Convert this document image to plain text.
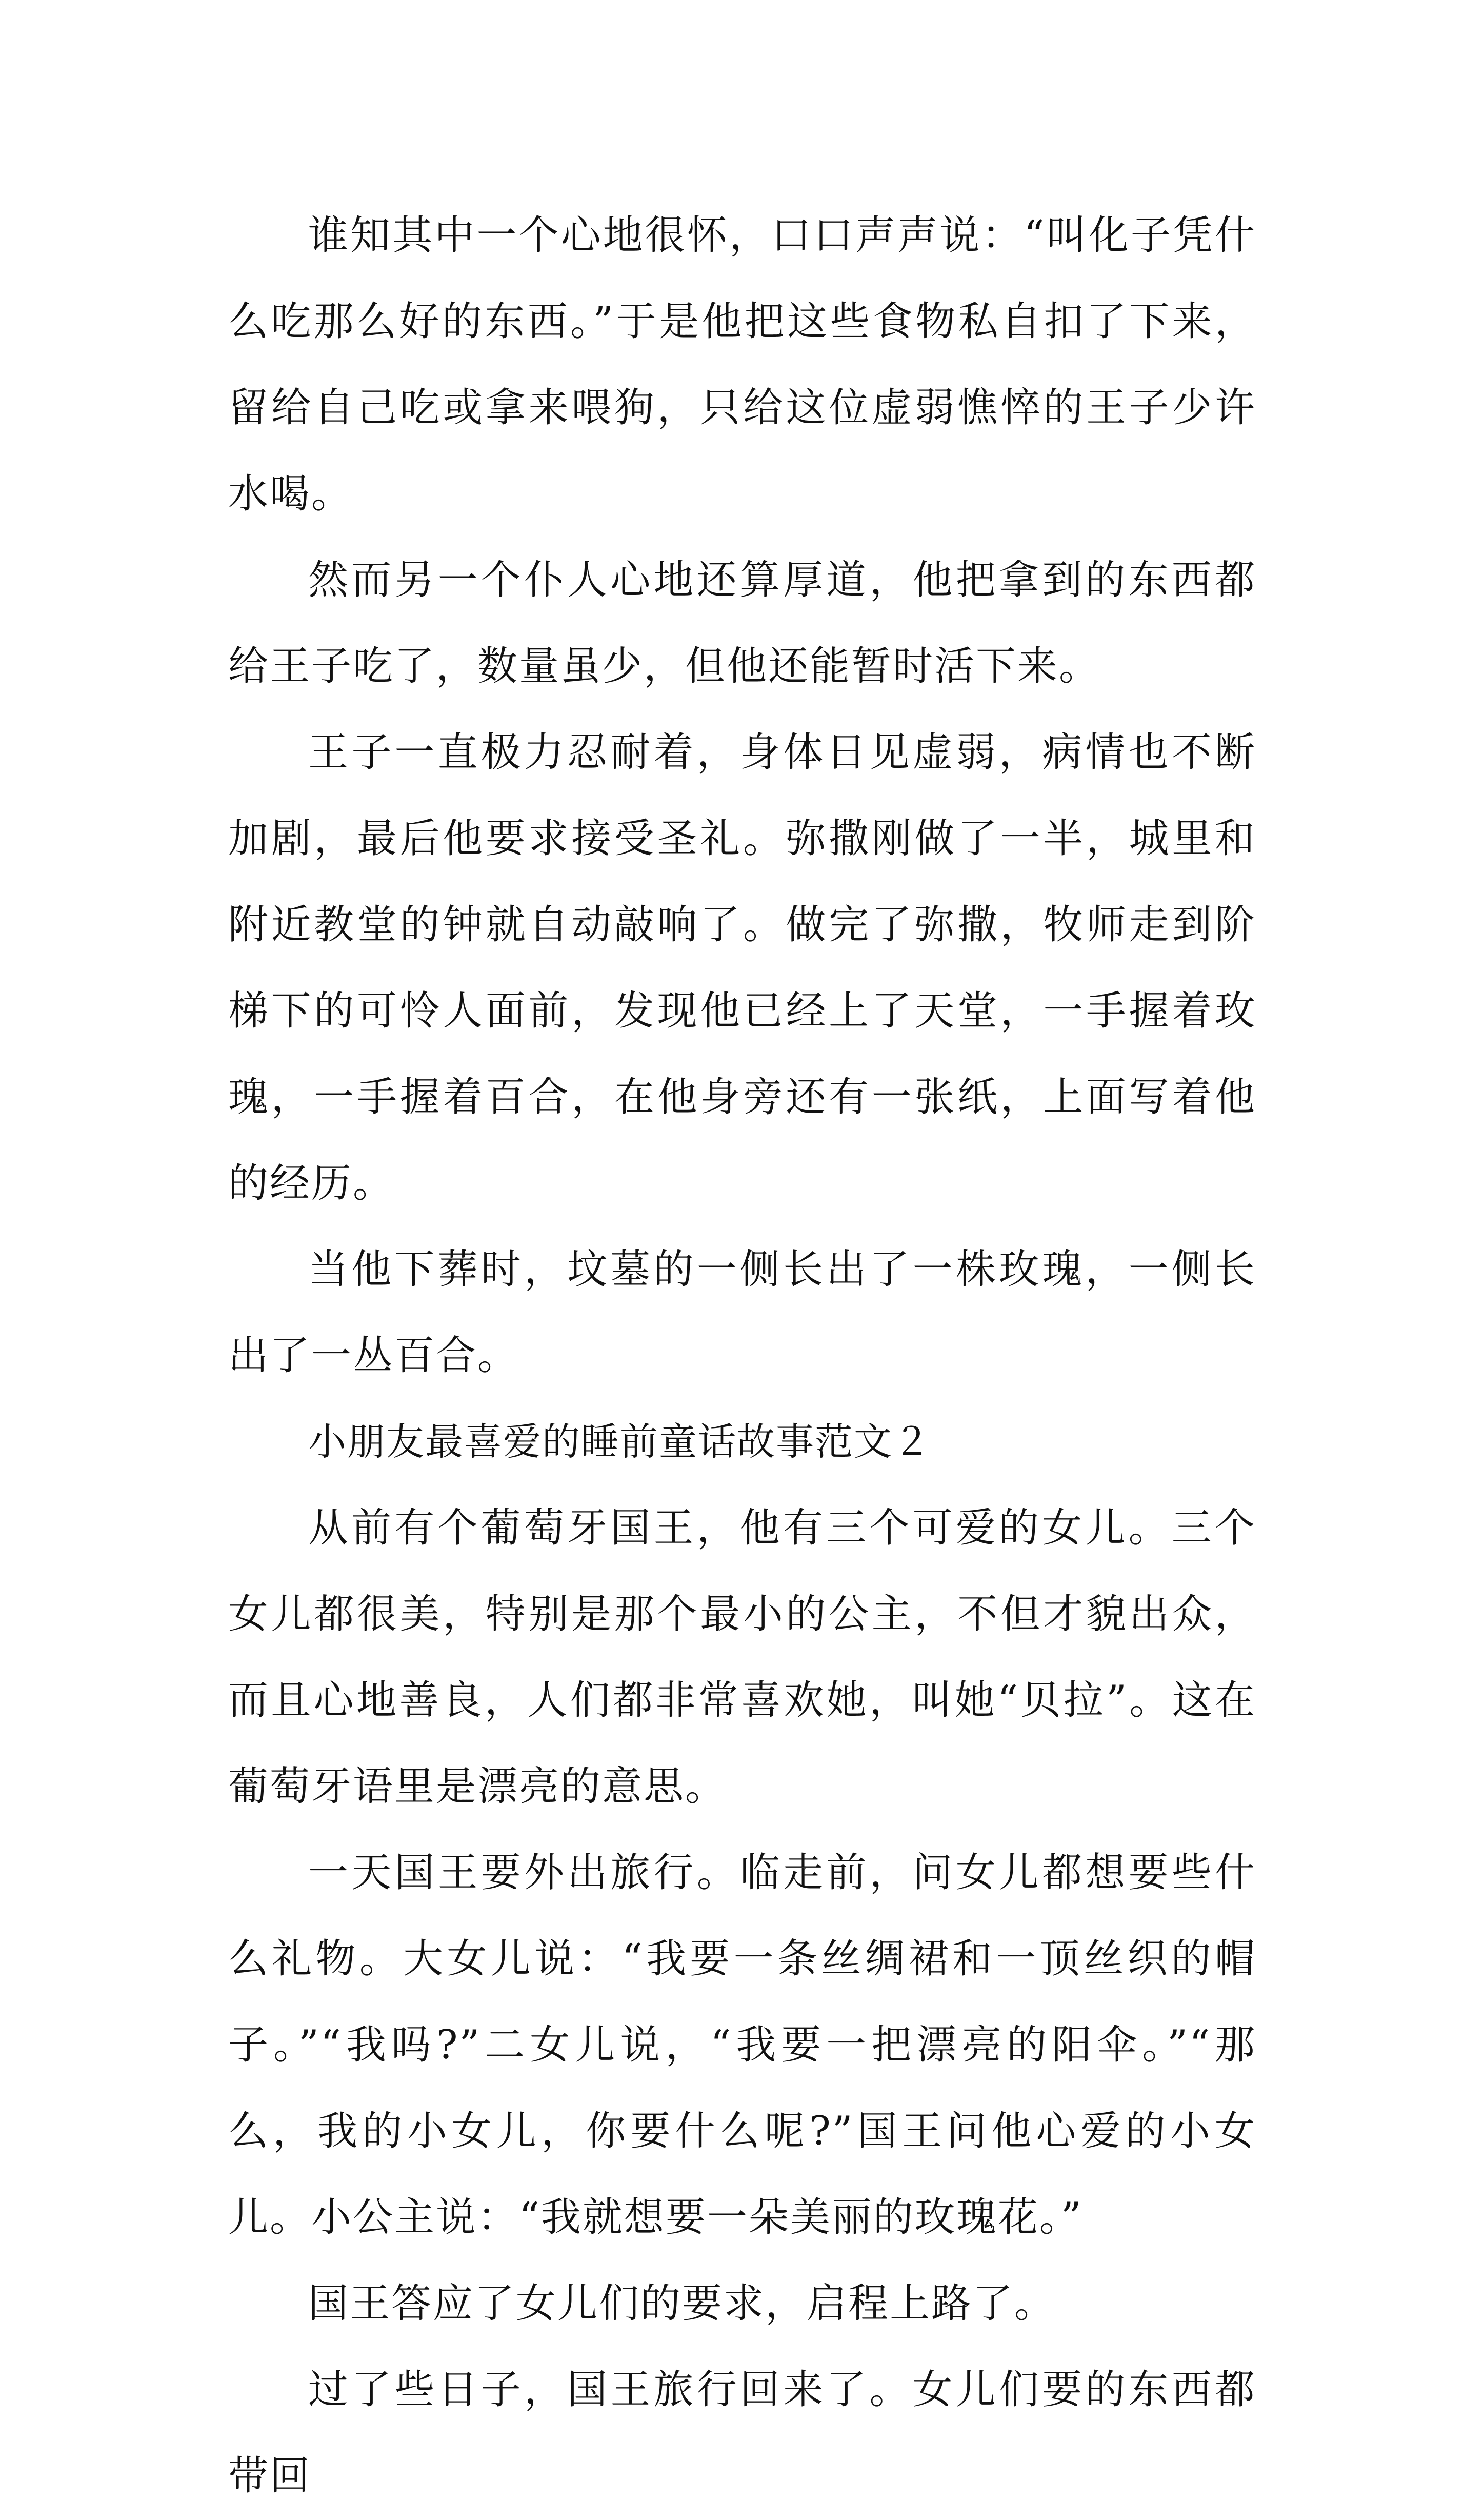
谁知其中一个心地很怀，口口声声说：“叫化子凭什么吃那么好的东西。”于是他把这些食物私自扣了下来，留给自己吃或拿来喂狗，只给这位虚弱憔悴的王子少许水喝。

然而另一个仆人心地还算厚道，他把拿到的东西都给王子吃了，数量虽少，但他还能暂时活下来。

王子一直极力忍耐着，身体日见虚弱，病情也不断加剧，最后他要求接受圣礼。弥撒刚做了一半，城里和附近教堂的钟就自动敲响了。做完了弥撒，牧师走到阶梯下的可怜人面前，发现他已经上了天堂，一手握着玫瑰，一手握着百合，在他身旁还有一张纸，上面写着他的经历。

当他下葬时，坟墓的一侧长出了一株玫瑰，一侧长出了一丛百合。

小朋友最喜爱的睡前童话故事范文２

从前有个葡萄牙国王，他有三个可爱的女儿。三个女儿都很美，特别是那个最小的公主，不但才貌出众，而且心地善良，人们都非常喜欢她，叫她“贝拉”。这在葡萄牙语里是漂亮的意思。

一天国王要外出旅行。临走前，问女儿都想要些什么礼物。大女儿说：“我要一条丝绸裙和一顶丝织的帽子。”“我吗?”二女儿说，“我要一把漂亮的阳伞。”“那么，我的小女儿，你要什么呢?”国王问他心爱的小女儿。小公主说：“我就想要一朵美丽的玫瑰花。”

国王答应了女儿们的要求，启程上路了。

过了些日子，国王旅行回来了。女儿们要的东西都带回
